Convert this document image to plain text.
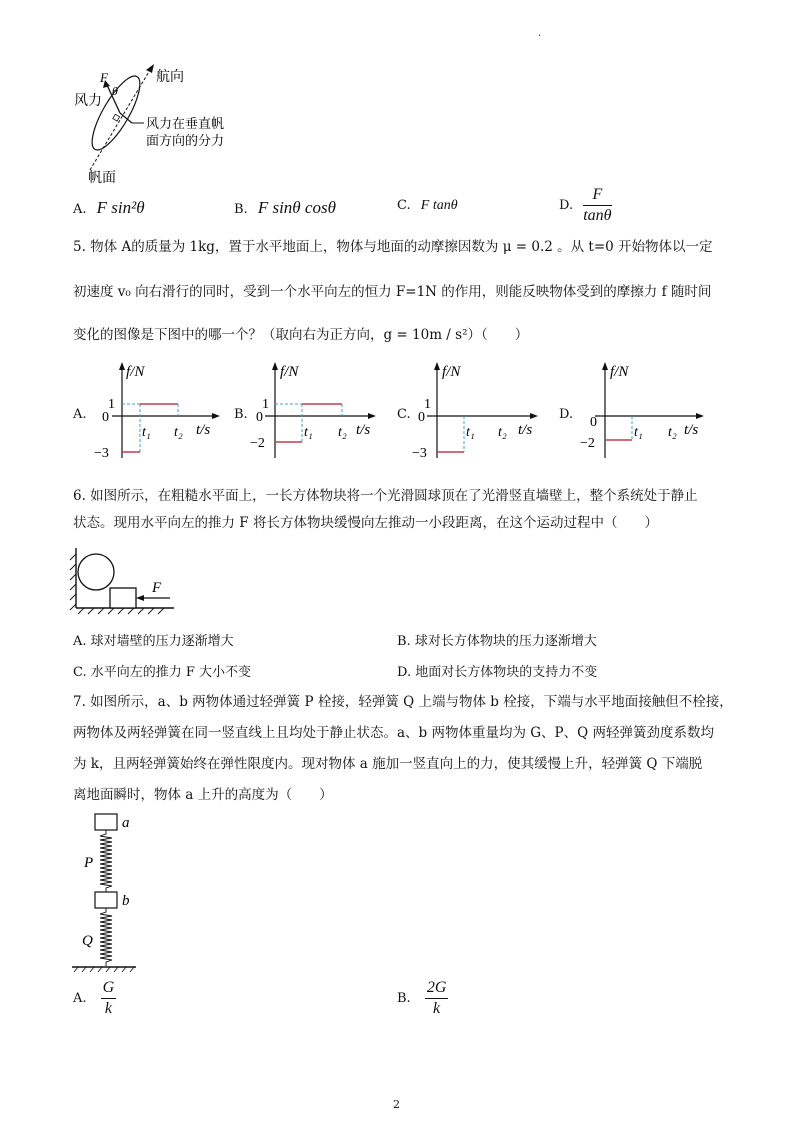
.
F
θ
风力
航向
风力在垂直帆
面方向的分力
帆面
A. F sin²θ	B. F sinθ cosθ	C. F tanθ	D. $\frac{F}{\tan\theta}$
5. 物体 A的质量为 1kg，置于水平地面上，物体与地面的动摩擦因数为 μ = 0.2 。从 t=0 开始物体以一定
初速度 v₀ 向右滑行的同时，受到一个水平向左的恒力 F=1N 的作用，则能反映物体受到的摩擦力 f 随时间
变化的图像是下图中的哪一个？（取向右为正方向，g = 10m / s²）（　　）
A.
f/N
1
0
−3
t₁ t₂ t/s
B.
f/N
1
0
−2
t₁ t₂ t/s
C.
f/N
1
0
−3
t₁ t₂ t/s
D.
f/N
0
−2
t₁ t₂ t/s
6. 如图所示，在粗糙水平面上，一长方体物块将一个光滑圆球顶在了光滑竖直墙壁上，整个系统处于静止
状态。现用水平向左的推力 F 将长方体物块缓慢向左推动一小段距离，在这个运动过程中（　　）
F
A. 球对墙壁的压力逐渐增大	B. 球对长方体物块的压力逐渐增大
C. 水平向左的推力 F 大小不变	D. 地面对长方体物块的支持力不变
7. 如图所示，a、b 两物体通过轻弹簧 P 栓接，轻弹簧 Q 上端与物体 b 栓接，下端与水平地面接触但不栓接，
两物体及两轻弹簧在同一竖直线上且均处于静止状态。a、b 两物体重量均为 G、P、Q 两轻弹簧劲度系数均
为 k，且两轻弹簧始终在弹性限度内。现对物体 a 施加一竖直向上的力，使其缓慢上升，轻弹簧 Q 下端脱
离地面瞬时，物体 a 上升的高度为（　　）
a
b
P
Q
A. $\frac{G}{k}$	B. $\frac{2G}{k}$
2
